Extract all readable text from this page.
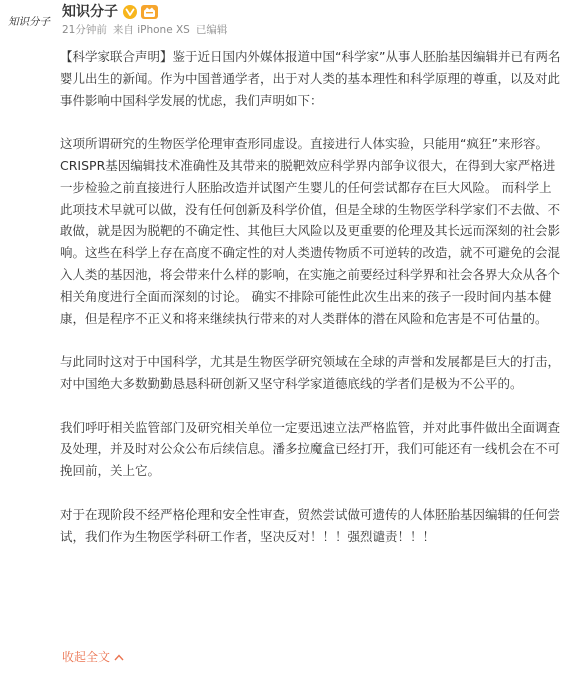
知识分子
知识分子
21分钟前 来自 iPhone XS 已编辑

【科学家联合声明】鉴于近日国内外媒体报道中国“科学家”从事人胚胎基因编辑并已有两名婴儿出生的新闻。作为中国普通学者，出于对人类的基本理性和科学原理的尊重，以及对此事件影响中国科学发展的忧虑，我们声明如下：

这项所谓研究的生物医学伦理审查形同虚设。直接进行人体实验，只能用“疯狂”来形容。CRISPR基因编辑技术准确性及其带来的脱靶效应科学界内部争议很大，在得到大家严格进一步检验之前直接进行人胚胎改造并试图产生婴儿的任何尝试都存在巨大风险。 而科学上此项技术早就可以做，没有任何创新及科学价值，但是全球的生物医学科学家们不去做、不敢做，就是因为脱靶的不确定性、其他巨大风险以及更重要的伦理及其长远而深刻的社会影响。这些在科学上存在高度不确定性的对人类遗传物质不可逆转的改造，就不可避免的会混入人类的基因池，将会带来什么样的影响，在实施之前要经过科学界和社会各界大众从各个相关角度进行全面而深刻的讨论。 确实不排除可能性此次生出来的孩子一段时间内基本健康，但是程序不正义和将来继续执行带来的对人类群体的潜在风险和危害是不可估量的。

与此同时这对于中国科学，尤其是生物医学研究领域在全球的声誉和发展都是巨大的打击，对中国绝大多数勤勤恳恳科研创新又坚守科学家道德底线的学者们是极为不公平的。

我们呼吁相关监管部门及研究相关单位一定要迅速立法严格监管，并对此事件做出全面调查及处理，并及时对公众公布后续信息。潘多拉魔盒已经打开，我们可能还有一线机会在不可挽回前，关上它。

对于在现阶段不经严格伦理和安全性审查，贸然尝试做可遗传的人体胚胎基因编辑的任何尝试，我们作为生物医学科研工作者，坚决反对！！！强烈谴责！！！

收起全文
